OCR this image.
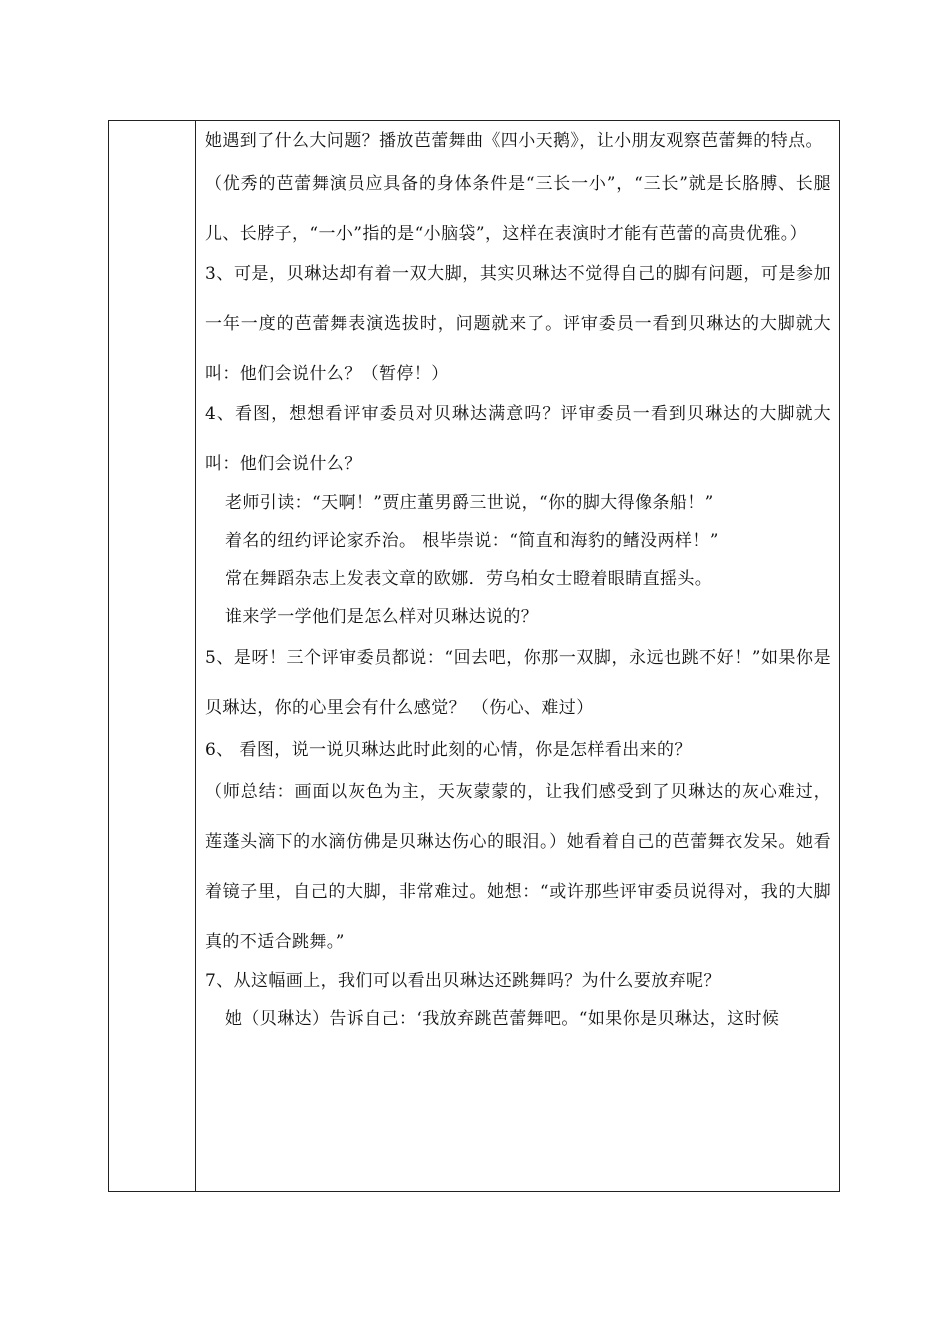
她遇到了什么大问题？播放芭蕾舞曲《四小天鹅》，让小朋友观察芭蕾舞的特点。

（优秀的芭蕾舞演员应具备的身体条件是“三长一小”，“三长”就是长胳膊、长腿儿、长脖子，“一小”指的是“小脑袋”，这样在表演时才能有芭蕾的高贵优雅。）

3、可是，贝琳达却有着一双大脚，其实贝琳达不觉得自己的脚有问题，可是参加一年一度的芭蕾舞表演选拔时，问题就来了。评审委员一看到贝琳达的大脚就大叫：他们会说什么？（暂停！）

4、看图，想想看评审委员对贝琳达满意吗？评审委员一看到贝琳达的大脚就大叫：他们会说什么？

老师引读：“天啊！”贾庄董男爵三世说，“你的脚大得像条船！”

着名的纽约评论家乔治。 根毕崇说：“简直和海豹的鳍没两样！”

常在舞蹈杂志上发表文章的欧娜．劳乌柏女士瞪着眼睛直摇头。

谁来学一学他们是怎么样对贝琳达说的？

5、是呀！三个评审委员都说：“回去吧，你那一双脚，永远也跳不好！”如果你是贝琳达，你的心里会有什么感觉？ （伤心、难过）

6、 看图，说一说贝琳达此时此刻的心情，你是怎样看出来的？

（师总结：画面以灰色为主，天灰蒙蒙的，让我们感受到了贝琳达的灰心难过，莲蓬头滴下的水滴仿佛是贝琳达伤心的眼泪。）她看着自己的芭蕾舞衣发呆。她看着镜子里，自己的大脚，非常难过。她想：“或许那些评审委员说得对，我的大脚真的不适合跳舞。”

7、从这幅画上，我们可以看出贝琳达还跳舞吗？为什么要放弃呢？

她（贝琳达）告诉自己：‘我放弃跳芭蕾舞吧。“如果你是贝琳达，这时候
